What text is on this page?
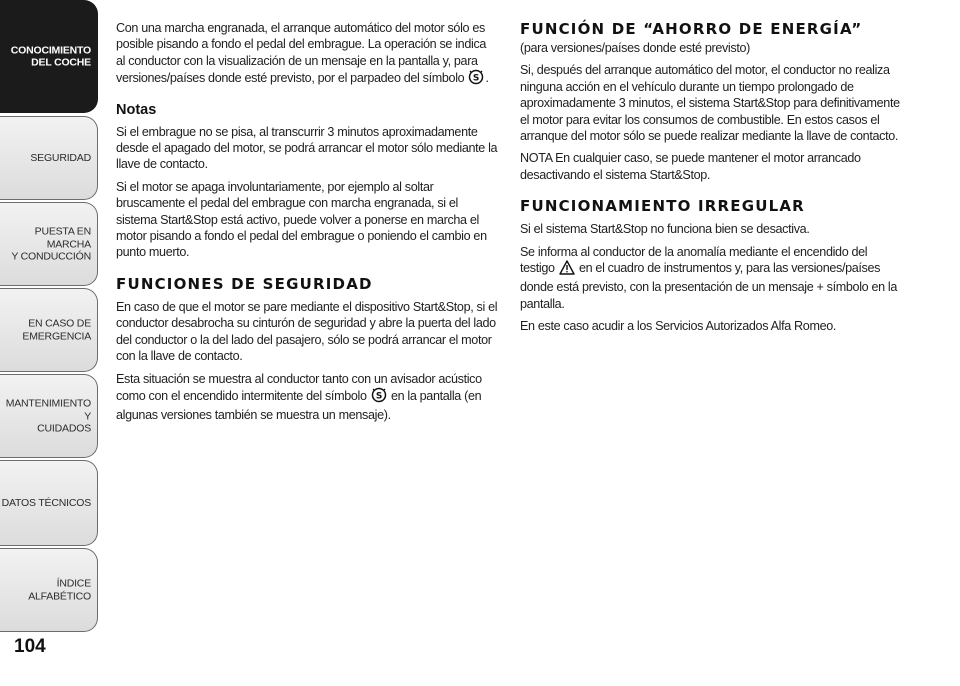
CONOCIMIENTO
DEL COCHE
SEGURIDAD
PUESTA EN MARCHA
Y CONDUCCIÓN
EN CASO DE
EMERGENCIA
MANTENIMIENTO Y
CUIDADOS
DATOS TÉCNICOS
ÍNDICE ALFABÉTICO
104

Con una marcha engranada, el arranque automático del motor sólo es posible pisando a fondo el pedal del embrague. La operación se indica al conductor con la visualización de un mensaje en la pantalla y, para versiones/países donde esté previsto, por el parpadeo del símbolo S .

Notas

Si el embrague no se pisa, al transcurrir 3 minutos aproximadamente desde el apagado del motor, se podrá arrancar el motor sólo mediante la llave de contacto.

Si el motor se apaga involuntariamente, por ejemplo al soltar bruscamente el pedal del embrague con marcha engranada, si el sistema Start&Stop está activo, puede volver a ponerse en marcha el motor pisando a fondo el pedal del embrague o poniendo el cambio en punto muerto.

FUNCIONES DE SEGURIDAD

En caso de que el motor se pare mediante el dispositivo Start&Stop, si el conductor desabrocha su cinturón de seguridad y abre la puerta del lado del conductor o la del lado del pasajero, sólo se podrá arrancar el motor con la llave de contacto.

Esta situación se muestra al conductor tanto con un avisador acústico como con el encendido intermitente del símbolo S en la pantalla (en algunas versiones también se muestra un mensaje).

FUNCIÓN DE “AHORRO DE ENERGÍA”

(para versiones/países donde esté previsto)

Si, después del arranque automático del motor, el conductor no realiza ninguna acción en el vehículo durante un tiempo prolongado de aproximadamente 3 minutos, el sistema Start&Stop para definitivamente el motor para evitar los consumos de combustible. En estos casos el arranque del motor sólo se puede realizar mediante la llave de contacto.

NOTA En cualquier caso, se puede mantener el motor arrancado desactivando el sistema Start&Stop.

FUNCIONAMIENTO IRREGULAR

Si el sistema Start&Stop no funciona bien se desactiva.

Se informa al conductor de la anomalía mediante el encendido del testigo en el cuadro de instrumentos y, para las versiones/países donde está previsto, con la presentación de un mensaje + símbolo en la pantalla.

En este caso acudir a los Servicios Autorizados Alfa Romeo.
